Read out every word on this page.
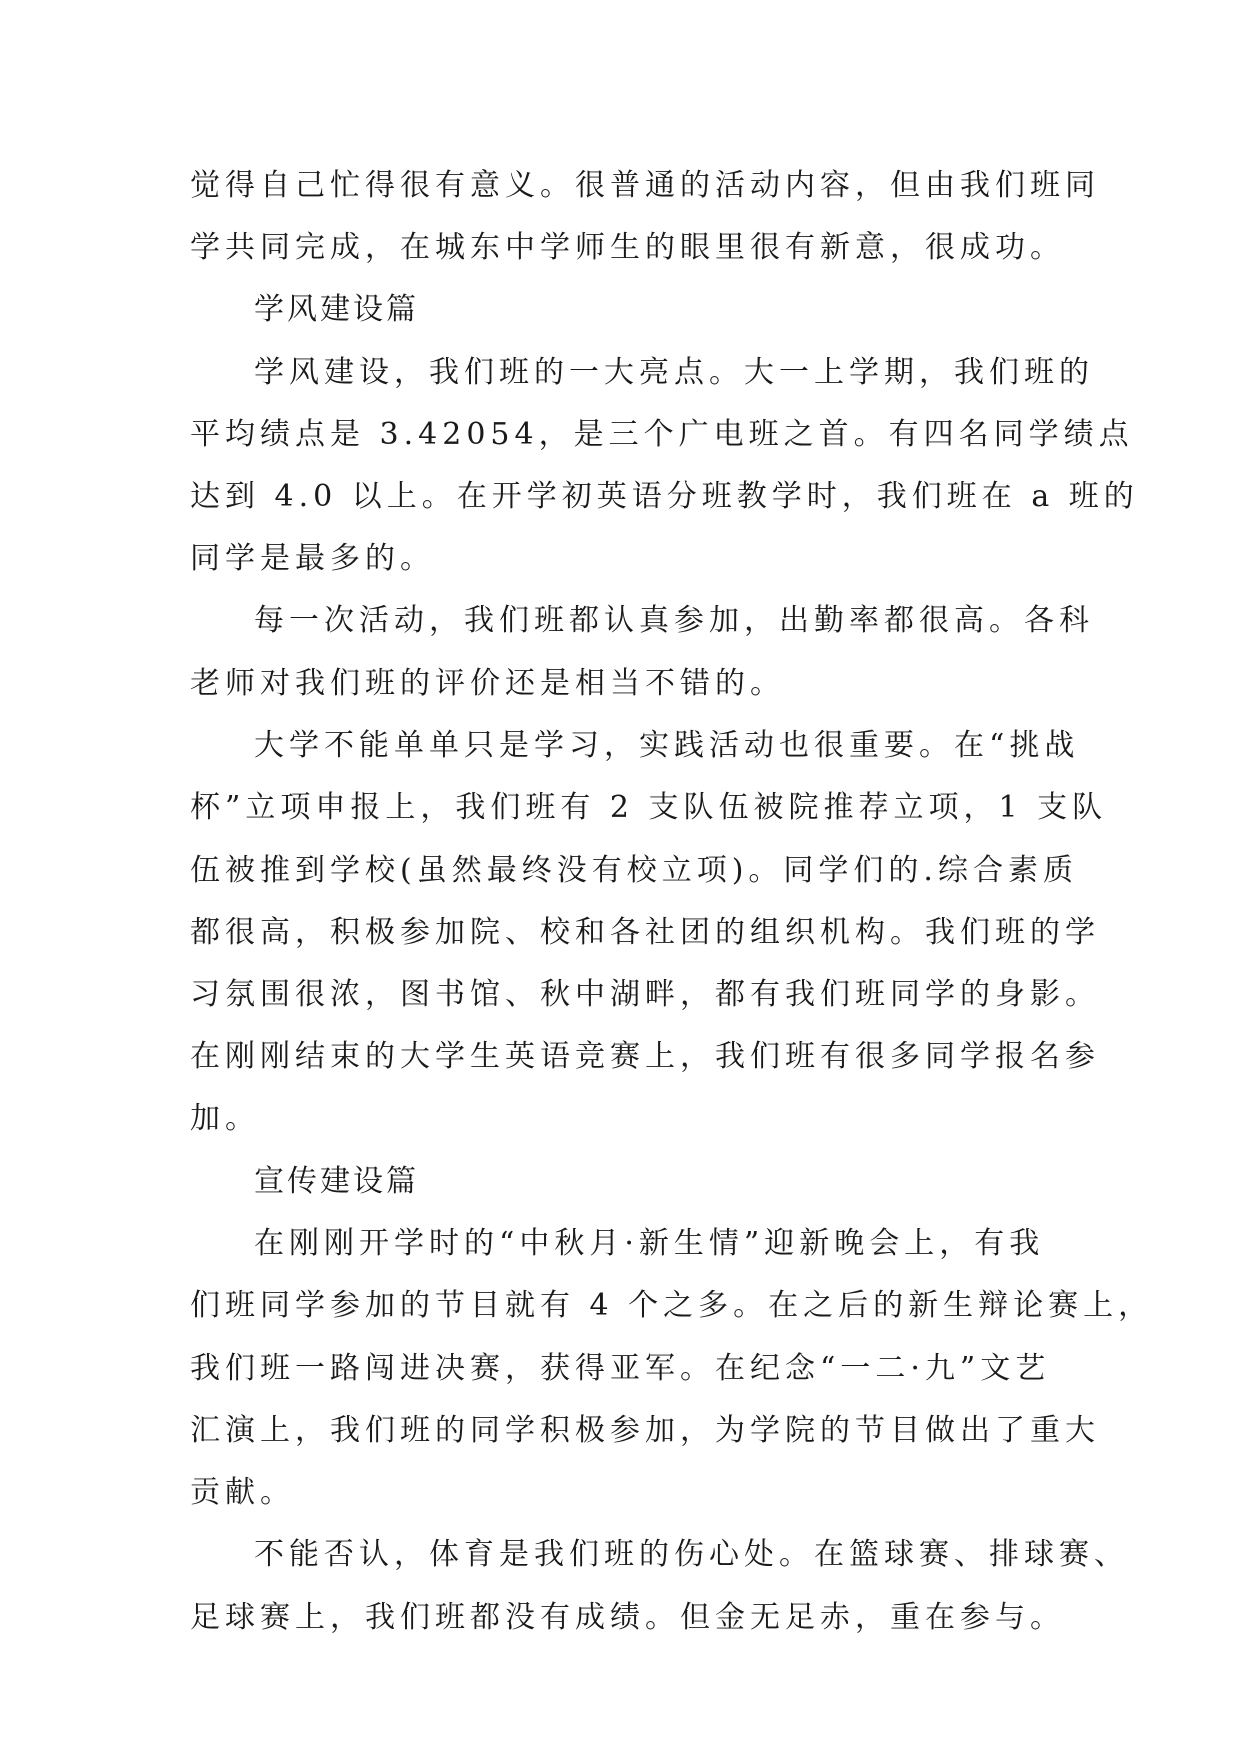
觉得自己忙得很有意义。很普通的活动内容，但由我们班同

学共同完成，在城东中学师生的眼里很有新意，很成功。

学风建设篇

学风建设，我们班的一大亮点。大一上学期，我们班的

平均绩点是 3.42054，是三个广电班之首。有四名同学绩点

达到 4.0 以上。在开学初英语分班教学时，我们班在 a 班的

同学是最多的。

每一次活动，我们班都认真参加，出勤率都很高。各科

老师对我们班的评价还是相当不错的。

大学不能单单只是学习，实践活动也很重要。在“挑战

杯”立项申报上，我们班有 2 支队伍被院推荐立项，1 支队

伍被推到学校(虽然最终没有校立项)。同学们的.综合素质

都很高，积极参加院、校和各社团的组织机构。我们班的学

习氛围很浓，图书馆、秋中湖畔，都有我们班同学的身影。

在刚刚结束的大学生英语竞赛上，我们班有很多同学报名参

加。

宣传建设篇

在刚刚开学时的“中秋月·新生情”迎新晚会上，有我

们班同学参加的节目就有 4 个之多。在之后的新生辩论赛上，

我们班一路闯进决赛，获得亚军。在纪念“一二·九”文艺

汇演上，我们班的同学积极参加，为学院的节目做出了重大

贡献。

不能否认，体育是我们班的伤心处。在篮球赛、排球赛、

足球赛上，我们班都没有成绩。但金无足赤，重在参与。
